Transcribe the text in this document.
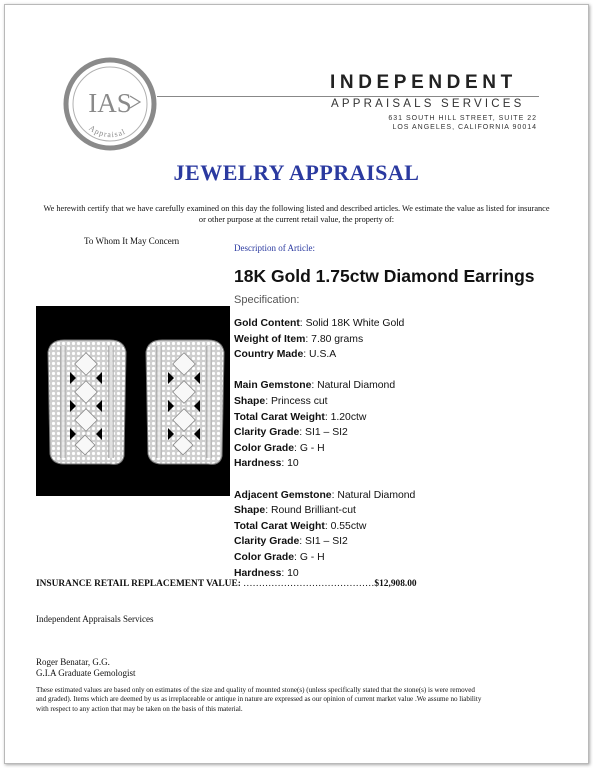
IAS
Appraisal
INDEPENDENT
APPRAISALS SERVICES
631 SOUTH HILL STREET, SUITE 22
LOS ANGELES, CALIFORNIA 90014
JEWELRY APPRAISAL
We herewith certify that we have carefully examined on this day the following listed and described articles. We estimate the value as listed for insurance or other purpose at the current retail value, the property of:
To Whom It May Concern
Description of Article:
18K Gold 1.75ctw Diamond Earrings
Specification:
Gold Content: Solid 18K White Gold
Weight of Item: 7.80 grams
Country Made: U.S.A
Main Gemstone: Natural Diamond
Shape: Princess cut
Total Carat Weight: 1.20ctw
Clarity Grade: SI1 – SI2
Color Grade: G - H
Hardness: 10
Adjacent Gemstone: Natural Diamond
Shape: Round Brilliant-cut
Total Carat Weight: 0.55ctw
Clarity Grade: SI1 – SI2
Color Grade: G - H
Hardness: 10
INSURANCE RETAIL REPLACEMENT VALUE: ……………………………………$12,908.00
Independent Appraisals Services
Roger Benatar, G.G.
G.I.A Graduate Gemologist
These estimated values are based only on estimates of the size and quality of mounted stone(s) (unless specifically stated that the stone(s) is were removed and graded). Items which are deemed by us as irreplaceable or antique in nature are expressed as our opinion of current market value .We assume no liability with respect to any action that may be taken on the basis of this material.
